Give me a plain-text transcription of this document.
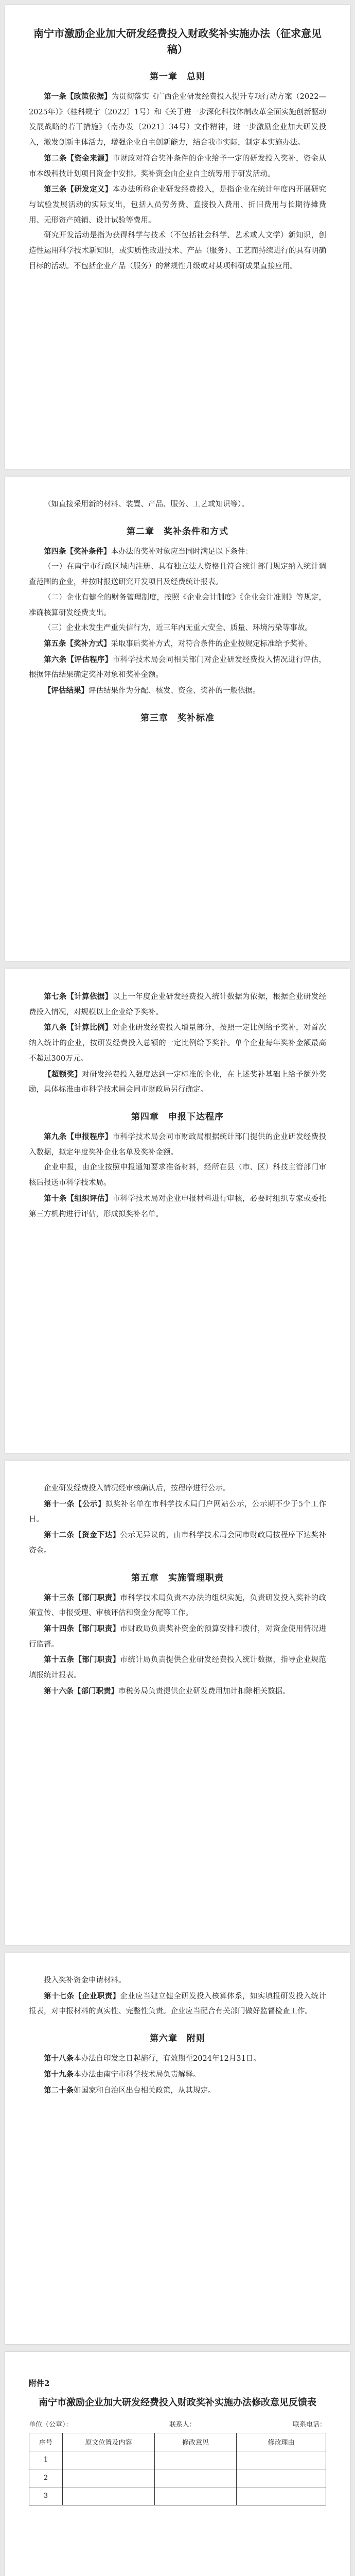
南宁市激励企业加大研发经费投入财政奖补实施办法（征求意见稿）
第一章　总则

第一条【政策依据】为贯彻落实《广西企业研发经费投入提升专项行动方案（2022—2025年）》（桂科规字〔2022〕1号）和《关于进一步深化科技体制改革全面实施创新驱动发展战略的若干措施》（南办发〔2021〕34号）文件精神，进一步激励企业加大研发投入，激发创新主体活力，增强企业自主创新能力，结合我市实际，制定本实施办法。

第二条【资金来源】市财政对符合奖补条件的企业给予一定的研发投入奖补，资金从市本级科技计划项目资金中安排。奖补资金由企业自主统筹用于研发活动。

第三条【研发定义】本办法所称企业研发经费投入，是指企业在统计年度内开展研究与试验发展活动的实际支出，包括人员劳务费、直接投入费用、折旧费用与长期待摊费用、无形资产摊销、设计试验等费用。

研究开发活动是指为获得科学与技术（不包括社会科学、艺术或人文学）新知识，创造性运用科学技术新知识，或实质性改进技术、产品（服务）、工艺而持续进行的具有明确目标的活动。不包括企业产品（服务）的常规性升级或对某项科研成果直接应用。

（如直接采用新的材料、装置、产品、服务、工艺或知识等）。

第二章　奖补条件和方式

第四条【奖补条件】本办法的奖补对象应当同时满足以下条件：

（一）在南宁市行政区域内注册、具有独立法人资格且符合统计部门规定纳入统计调查范围的企业，并按时报送研究开发项目及经费统计报表。

（二）企业有健全的财务管理制度，按照《企业会计制度》《企业会计准则》等规定，准确核算研发经费支出。

（三）企业未发生严重失信行为，近三年内无重大安全、质量、环境污染等事故。

第五条【奖补方式】采取事后奖补方式，对符合条件的企业按规定标准给予奖补。

第六条【评估程序】市科学技术局会同相关部门对企业研发经费投入情况进行评估，根据评估结果确定奖补对象和奖补金额。

【评估结果】评估结果作为分配、核发、资金、奖补的一般依据。

第三章　奖补标准

第七条【计算依据】以上一年度企业研发经费投入统计数据为依据，根据企业研发经费投入情况，对规模以上企业给予奖补。

第八条【计算比例】对企业研发经费投入增量部分，按照一定比例给予奖补，对首次纳入统计的企业，按研发经费投入总额的一定比例给予奖补。单个企业每年奖补金额最高不超过300万元。

【超额奖】对研发经费投入强度达到一定标准的企业，在上述奖补基础上给予额外奖励，具体标准由市科学技术局会同市财政局另行确定。

第四章　申报下达程序

第九条【申报程序】市科学技术局会同市财政局根据统计部门提供的企业研发经费投入数据，拟定年度奖补企业名单及奖补金额。

企业申报，由企业按照申报通知要求准备材料，经所在县（市、区）科技主管部门审核后报送市科学技术局。

第十条【组织评估】市科学技术局对企业申报材料进行审核，必要时组织专家或委托第三方机构进行评估，形成拟奖补名单。

企业研发经费投入情况经审核确认后，按程序进行公示。

第十一条【公示】拟奖补名单在市科学技术局门户网站公示，公示期不少于5个工作日。

第十二条【资金下达】公示无异议的，由市科学技术局会同市财政局按程序下达奖补资金。

第五章　实施管理职责

第十三条【部门职责】市科学技术局负责本办法的组织实施，负责研发投入奖补的政策宣传、申报受理、审核评估和资金分配等工作。

第十四条【部门职责】市财政局负责奖补资金的预算安排和拨付，对资金使用情况进行监督。

第十五条【部门职责】市统计局负责提供企业研发经费投入统计数据，指导企业规范填报统计报表。

第十六条【部门职责】市税务局负责提供企业研发费用加计扣除相关数据。

投入奖补资金申请材料。

第十七条【企业职责】企业应当建立健全研发投入核算体系，如实填报研发投入统计报表，对申报材料的真实性、完整性负责。企业应当配合有关部门做好监督检查工作。

第六章　附则

第十八条本办法自印发之日起施行，有效期至2024年12月31日。

第十九条本办法由南宁市科学技术局负责解释。

第二十条如国家和自治区出台相关政策，从其规定。

附件2
南宁市激励企业加大研发经费投入财政奖补实施办法修改意见反馈表
单位（公章）：	联系人：	联系电话：
序号	原文位置及内容	修改意见	修改理由
1			
2			
3			
